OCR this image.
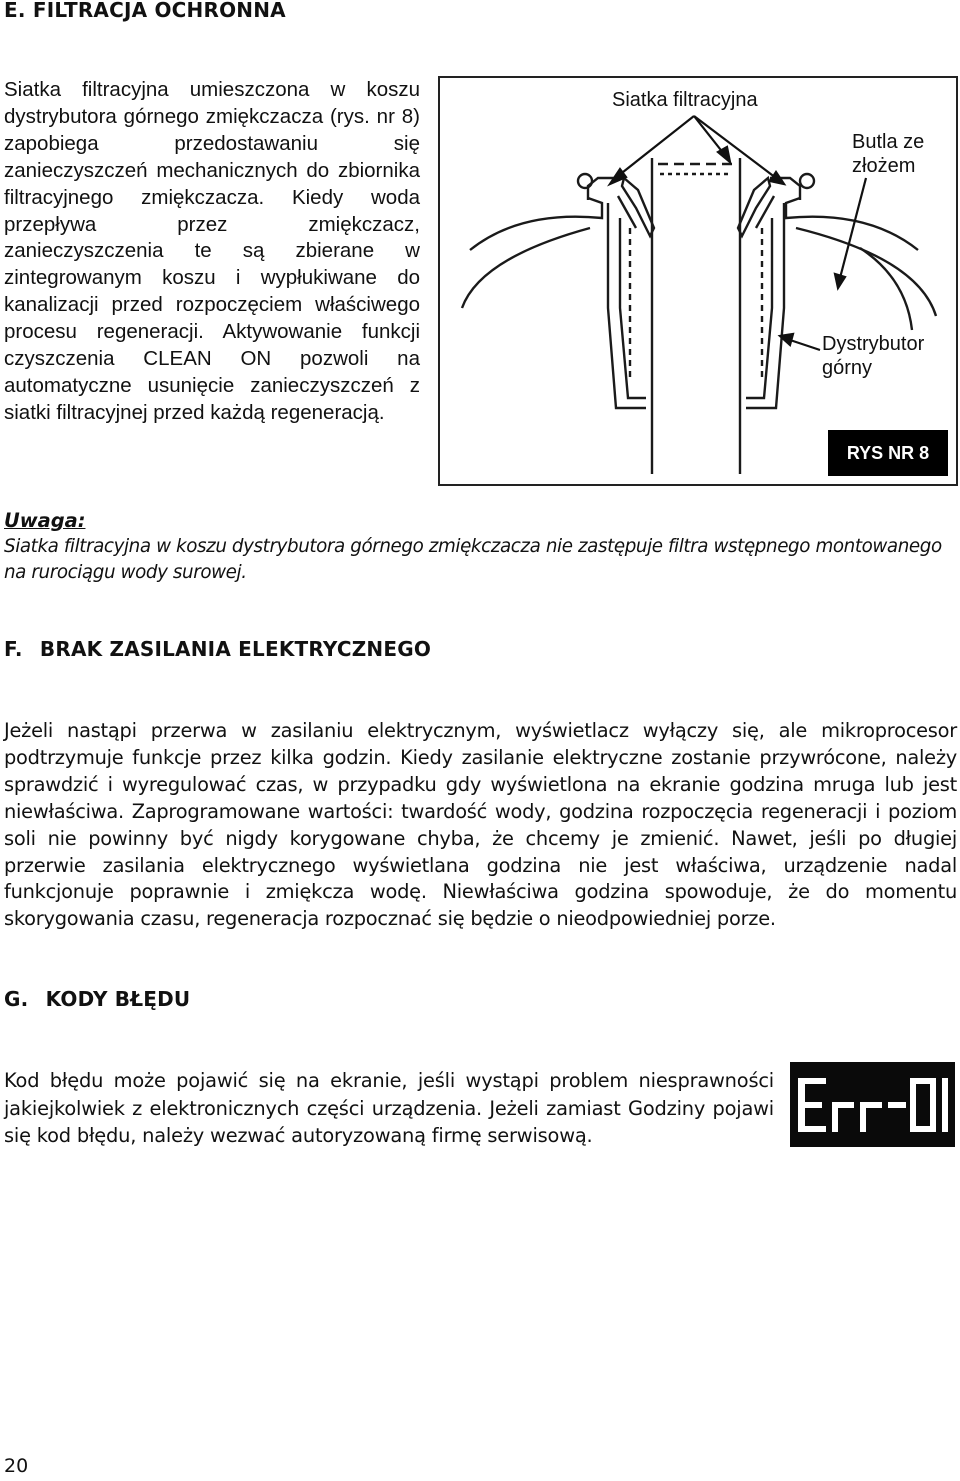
E. FILTRACJA OCHRONNA

Siatka filtracyjna umieszczona w koszu dystrybutora górnego zmiękczacza (rys. nr 8) zapobiega przedostawaniu się zanieczyszczeń mechanicznych do zbiornika filtracyjnego zmiękczacza. Kiedy woda przepływa przez zmiękczacz, zanieczyszczenia te są zbierane w zintegrowanym koszu i wypłukiwane do kanalizacji przed rozpoczęciem właściwego procesu regeneracji. Aktywowanie funkcji czyszczenia CLEAN ON pozwoli na automatyczne usunięcie zanieczyszczeń z siatki filtracyjnej przed każdą regeneracją.

Siatka filtracyjna

Butla ze
złożem

Dystrybutor
górny

RYS NR 8

Uwaga:

Siatka filtracyjna w koszu dystrybutora górnego zmiękczacza nie zastępuje filtra wstępnego montowanego na rurociągu wody surowej.

F. BRAK ZASILANIA ELEKTRYCZNEGO

Jeżeli nastąpi przerwa w zasilaniu elektrycznym, wyświetlacz wyłączy się, ale mikroprocesor podtrzymuje funkcje przez kilka godzin. Kiedy zasilanie elektryczne zostanie przywrócone, należy sprawdzić i wyregulować czas, w przypadku gdy wyświetlona na ekranie godzina mruga lub jest niewłaściwa. Zaprogramowane wartości: twardość wody, godzina rozpoczęcia regeneracji i poziom soli nie powinny być nigdy korygowane chyba, że chcemy je zmienić. Nawet, jeśli po długiej przerwie zasilania elektrycznego wyświetlana godzina nie jest właściwa, urządzenie nadal funkcjonuje poprawnie i zmiękcza wodę. Niewłaściwa godzina spowoduje, że do momentu skorygowania czasu, regeneracja rozpocznać się będzie o nieodpowiedniej porze.

G. KODY BŁĘDU

Kod błędu może pojawić się na ekranie, jeśli wystąpi problem niesprawności jakiejkolwiek z elektronicznych części urządzenia. Jeżeli zamiast Godziny pojawi się kod błędu, należy wezwać autoryzowaną firmę serwisową.

20
